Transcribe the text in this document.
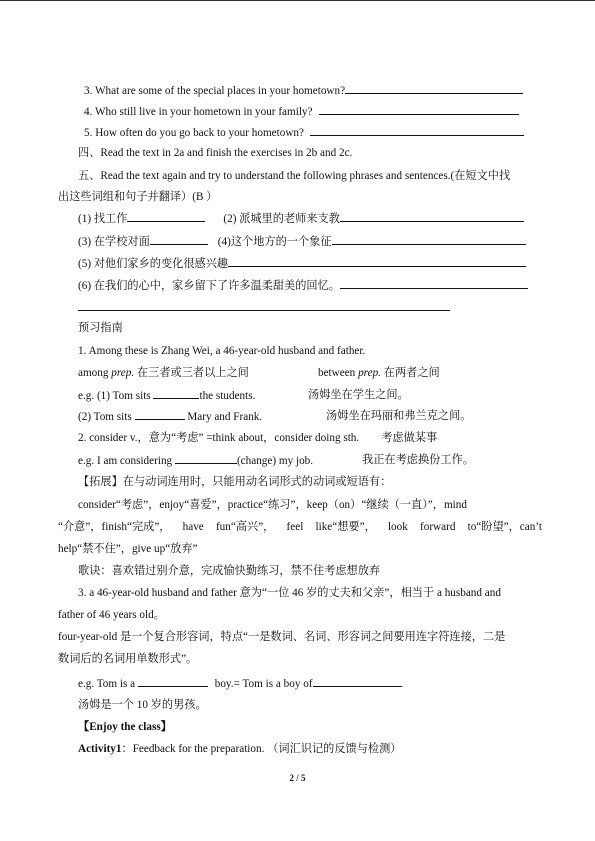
3. What are some of the special places in your hometown?
4. Who still live in your hometown in your family?
5. How often do you go back to your hometown?
四、Read the text in 2a and finish the exercises in 2b and 2c.
五、Read the text again and try to understand the following phrases and sentences.(在短文中找
出这些词组和句子并翻译）(B ）
(1) 找工作	(2) 派城里的老师来支教
(3) 在学校对面	(4)这个地方的一个象征
(5) 对他们家乡的变化很感兴趣
(6) 在我们的心中，家乡留下了许多温柔甜美的回忆。
预习指南
1. Among these is Zhang Wei, a 46-year-old husband and father.
among prep. 在三者或三者以上之间	between prep. 在两者之间
e.g. (1) Tom sits	the students.	汤姆坐在学生之间。
(2) Tom sits	Mary and Frank.	汤姆坐在玛丽和弗兰克之间。
2. consider v.，意为“考虑” =think about，consider doing sth. 考虑做某事
e.g. I am considering	(change) my job.	我正在考虑换份工作。
【拓展】在与动词连用时，只能用动名词形式的动词或短语有：
consider“考虑”，enjoy“喜爱”，practice“练习”，keep（on）“继续（一直）”，mind
“介意”，finish“完成”， have fun“高兴”， feel like“想要”， look forward to“盼望”，can’t
help“禁不住”，give up“放弃”
歌诀：喜欢错过别介意，完成愉快勤练习，禁不住考虑想放弃
3. a 46-year-old husband and father 意为“一位 46 岁的丈夫和父亲”，相当于 a husband and
father of 46 years old。
four-year-old 是一个复合形容词，特点“一是数词、名词、形容词之间要用连字符连接，二是
数词后的名词用单数形式”。
e.g. Tom is a	boy.= Tom is a boy of	.
汤姆是一个 10 岁的男孩。
【Enjoy the class】
Activity1：Feedback for the preparation. （词汇识记的反馈与检测）
2 / 5
